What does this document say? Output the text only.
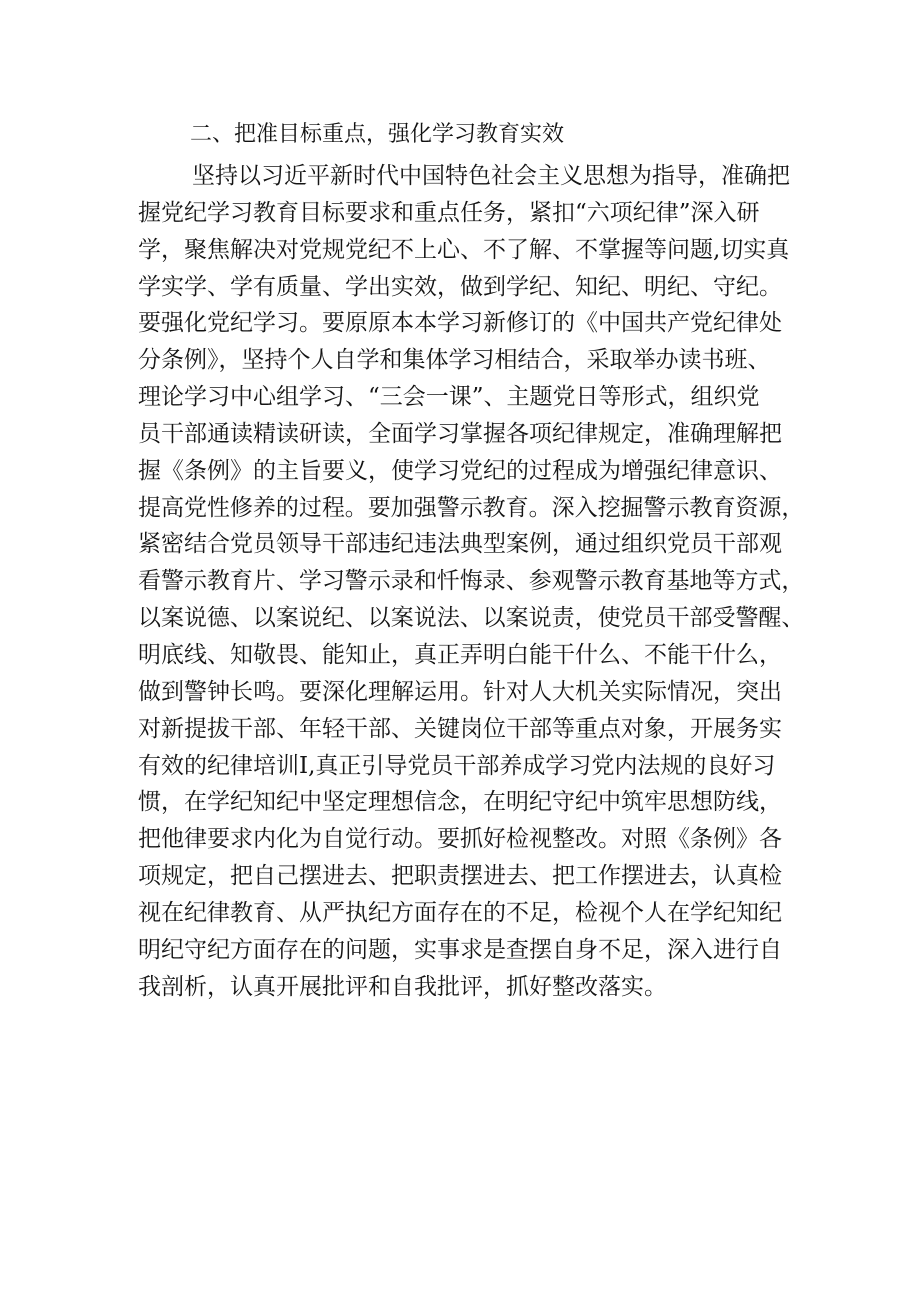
二、把准目标重点，强化学习教育实效
坚持以习近平新时代中国特色社会主义思想为指导，准确把
握党纪学习教育目标要求和重点任务，紧扣“六项纪律”深入研
学，聚焦解决对党规党纪不上心、不了解、不掌握等问题,切实真
学实学、学有质量、学出实效，做到学纪、知纪、明纪、守纪。
要强化党纪学习。要原原本本学习新修订的《中国共产党纪律处
分条例》，坚持个人自学和集体学习相结合，采取举办读书班、
理论学习中心组学习、“三会一课”、主题党日等形式，组织党
员干部通读精读研读，全面学习掌握各项纪律规定，准确理解把
握《条例》的主旨要义，使学习党纪的过程成为增强纪律意识、
提高党性修养的过程。要加强警示教育。深入挖掘警示教育资源，
紧密结合党员领导干部违纪违法典型案例，通过组织党员干部观
看警示教育片、学习警示录和忏悔录、参观警示教育基地等方式，
以案说德、以案说纪、以案说法、以案说责，使党员干部受警醒、
明底线、知敬畏、能知止，真正弄明白能干什么、不能干什么，
做到警钟长鸣。要深化理解运用。针对人大机关实际情况，突出
对新提拔干部、年轻干部、关键岗位干部等重点对象，开展务实
有效的纪律培训I,真正引导党员干部养成学习党内法规的良好习
惯，在学纪知纪中坚定理想信念，在明纪守纪中筑牢思想防线，
把他律要求内化为自觉行动。要抓好检视整改。对照《条例》各
项规定，把自己摆进去、把职责摆进去、把工作摆进去，认真检
视在纪律教育、从严执纪方面存在的不足，检视个人在学纪知纪
明纪守纪方面存在的问题，实事求是查摆自身不足，深入进行自
我剖析，认真开展批评和自我批评，抓好整改落实。
